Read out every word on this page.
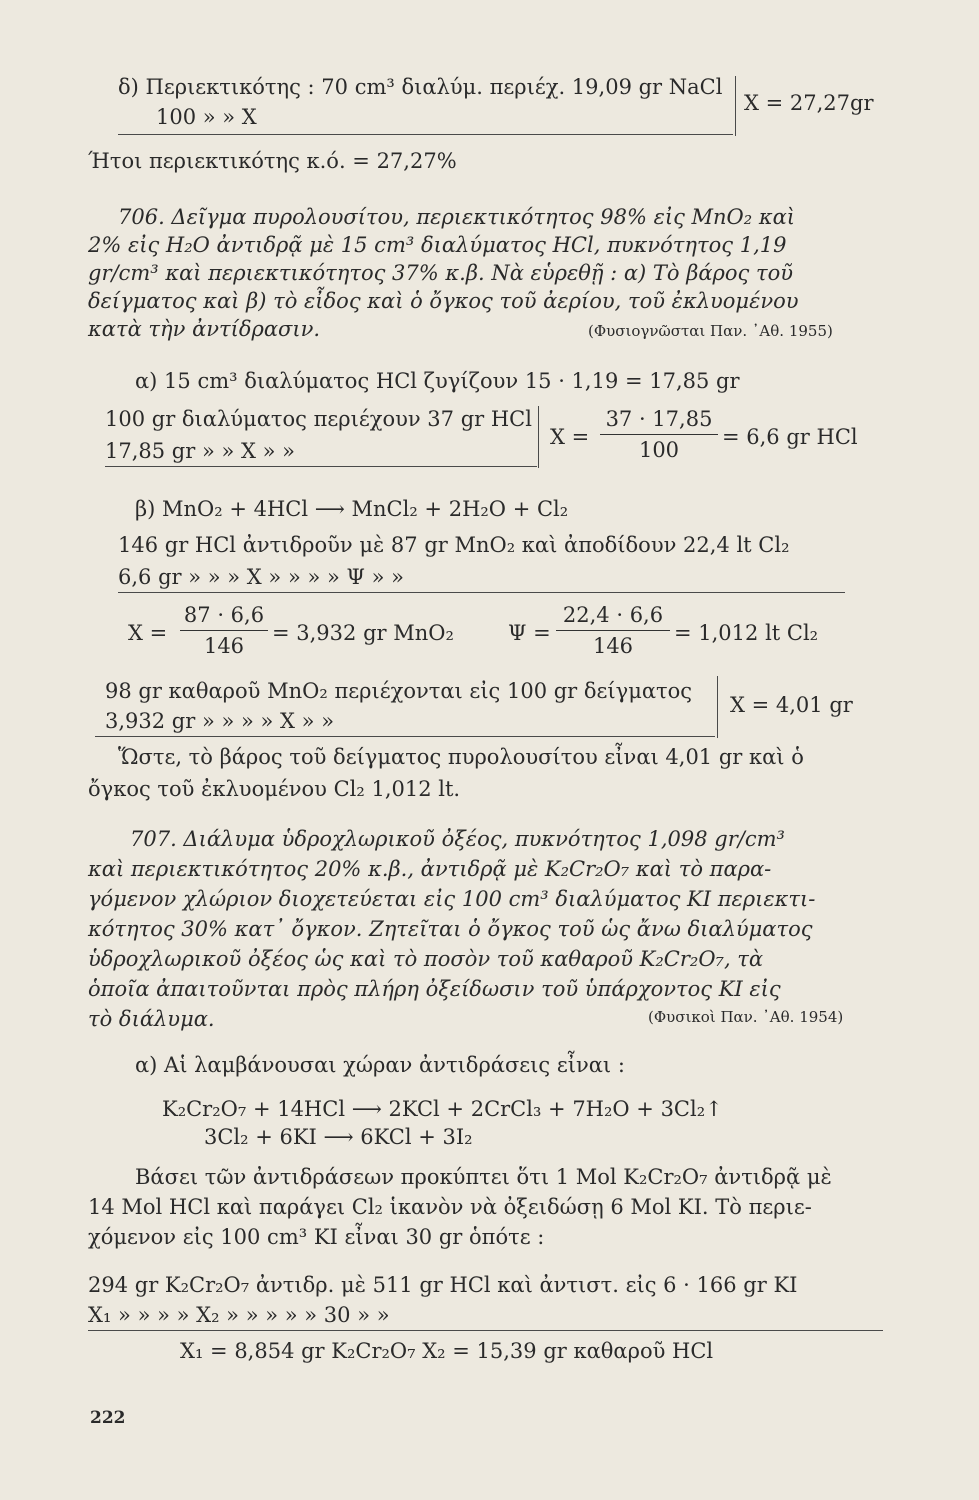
δ) Περιεκτικότης : 70 cm³ διαλύμ. περιέχ. 19,09 gr NaCl
100 » » X
X = 27,27gr
Ήτοι περιεκτικότης κ.ό. = 27,27%
706. Δεῖγμα πυρολουσίτου, περιεκτικότητος 98% εἰς MnO₂ καὶ
2% εἰς H₂O ἀντιδρᾷ μὲ 15 cm³ διαλύματος HCl, πυκνότητος 1,19
gr/cm³ καὶ περιεκτικότητος 37% κ.β. Νὰ εὑρεθῇ : α) Τὸ βάρος τοῦ
δείγματος καὶ β) τὸ εἶδος καὶ ὁ ὄγκος τοῦ ἀερίου, τοῦ ἐκλυομένου
κατὰ τὴν ἀντίδρασιν.	(Φυσιογνῶσται Παν. ᾿Αθ. 1955)
α) 15 cm³ διαλύματος HCl ζυγίζουν 15 · 1,19 = 17,85 gr
100 gr διαλύματος περιέχουν 37 gr HCl
17,85 gr » » X » »
X =
37 · 17,85
100
= 6,6 gr HCl
β) MnO₂ + 4HCl ⟶ MnCl₂ + 2H₂O + Cl₂
146 gr HCl ἀντιδροῦν μὲ 87 gr MnO₂ καὶ ἀποδίδουν 22,4 lt Cl₂
6,6 gr » » » X » » » » Ψ » »
X =
87 · 6,6
146
= 3,932 gr MnO₂	Ψ =
22,4 · 6,6
146
= 1,012 lt Cl₂
98 gr καθαροῦ MnO₂ περιέχονται εἰς 100 gr δείγματος
3,932 gr » » » » X » »
X = 4,01 gr
Ὥστε, τὸ βάρος τοῦ δείγματος πυρολουσίτου εἶναι 4,01 gr καὶ ὁ
ὄγκος τοῦ ἐκλυομένου Cl₂ 1,012 lt.
707. Διάλυμα ὑδροχλωρικοῦ ὀξέος, πυκνότητος 1,098 gr/cm³
καὶ περιεκτικότητος 20% κ.β., ἀντιδρᾷ μὲ K₂Cr₂O₇ καὶ τὸ παρα-
γόμενον χλώριον διοχετεύεται εἰς 100 cm³ διαλύματος KI περιεκτι-
κότητος 30% κατ᾽ ὄγκον. Ζητεῖται ὁ ὄγκος τοῦ ὡς ἄνω διαλύματος
ὑδροχλωρικοῦ ὀξέος ὡς καὶ τὸ ποσὸν τοῦ καθαροῦ K₂Cr₂O₇, τὰ
ὁποῖα ἀπαιτοῦνται πρὸς πλήρη ὀξείδωσιν τοῦ ὑπάρχοντος KI εἰς
τὸ διάλυμα.	(Φυσικοὶ Παν. ᾿Αθ. 1954)
α) Αἱ λαμβάνουσαι χώραν ἀντιδράσεις εἶναι :
K₂Cr₂O₇ + 14HCl ⟶ 2KCl + 2CrCl₃ + 7H₂O + 3Cl₂↑
3Cl₂ + 6KI ⟶ 6KCl + 3I₂
Βάσει τῶν ἀντιδράσεων προκύπτει ὅτι 1 Mol K₂Cr₂O₇ ἀντιδρᾷ μὲ
14 Mol HCl καὶ παράγει Cl₂ ἱκανὸν νὰ ὀξειδώσῃ 6 Mol KI. Τὸ περιε-
χόμενον εἰς 100 cm³ KI εἶναι 30 gr ὁπότε :
294 gr K₂Cr₂O₇ ἀντιδρ. μὲ 511 gr HCl καὶ ἀντιστ. εἰς 6 · 166 gr KI
X₁ » » » » X₂ » » » » » 30 » »
X₁ = 8,854 gr K₂Cr₂O₇ X₂ = 15,39 gr καθαροῦ HCl
222
